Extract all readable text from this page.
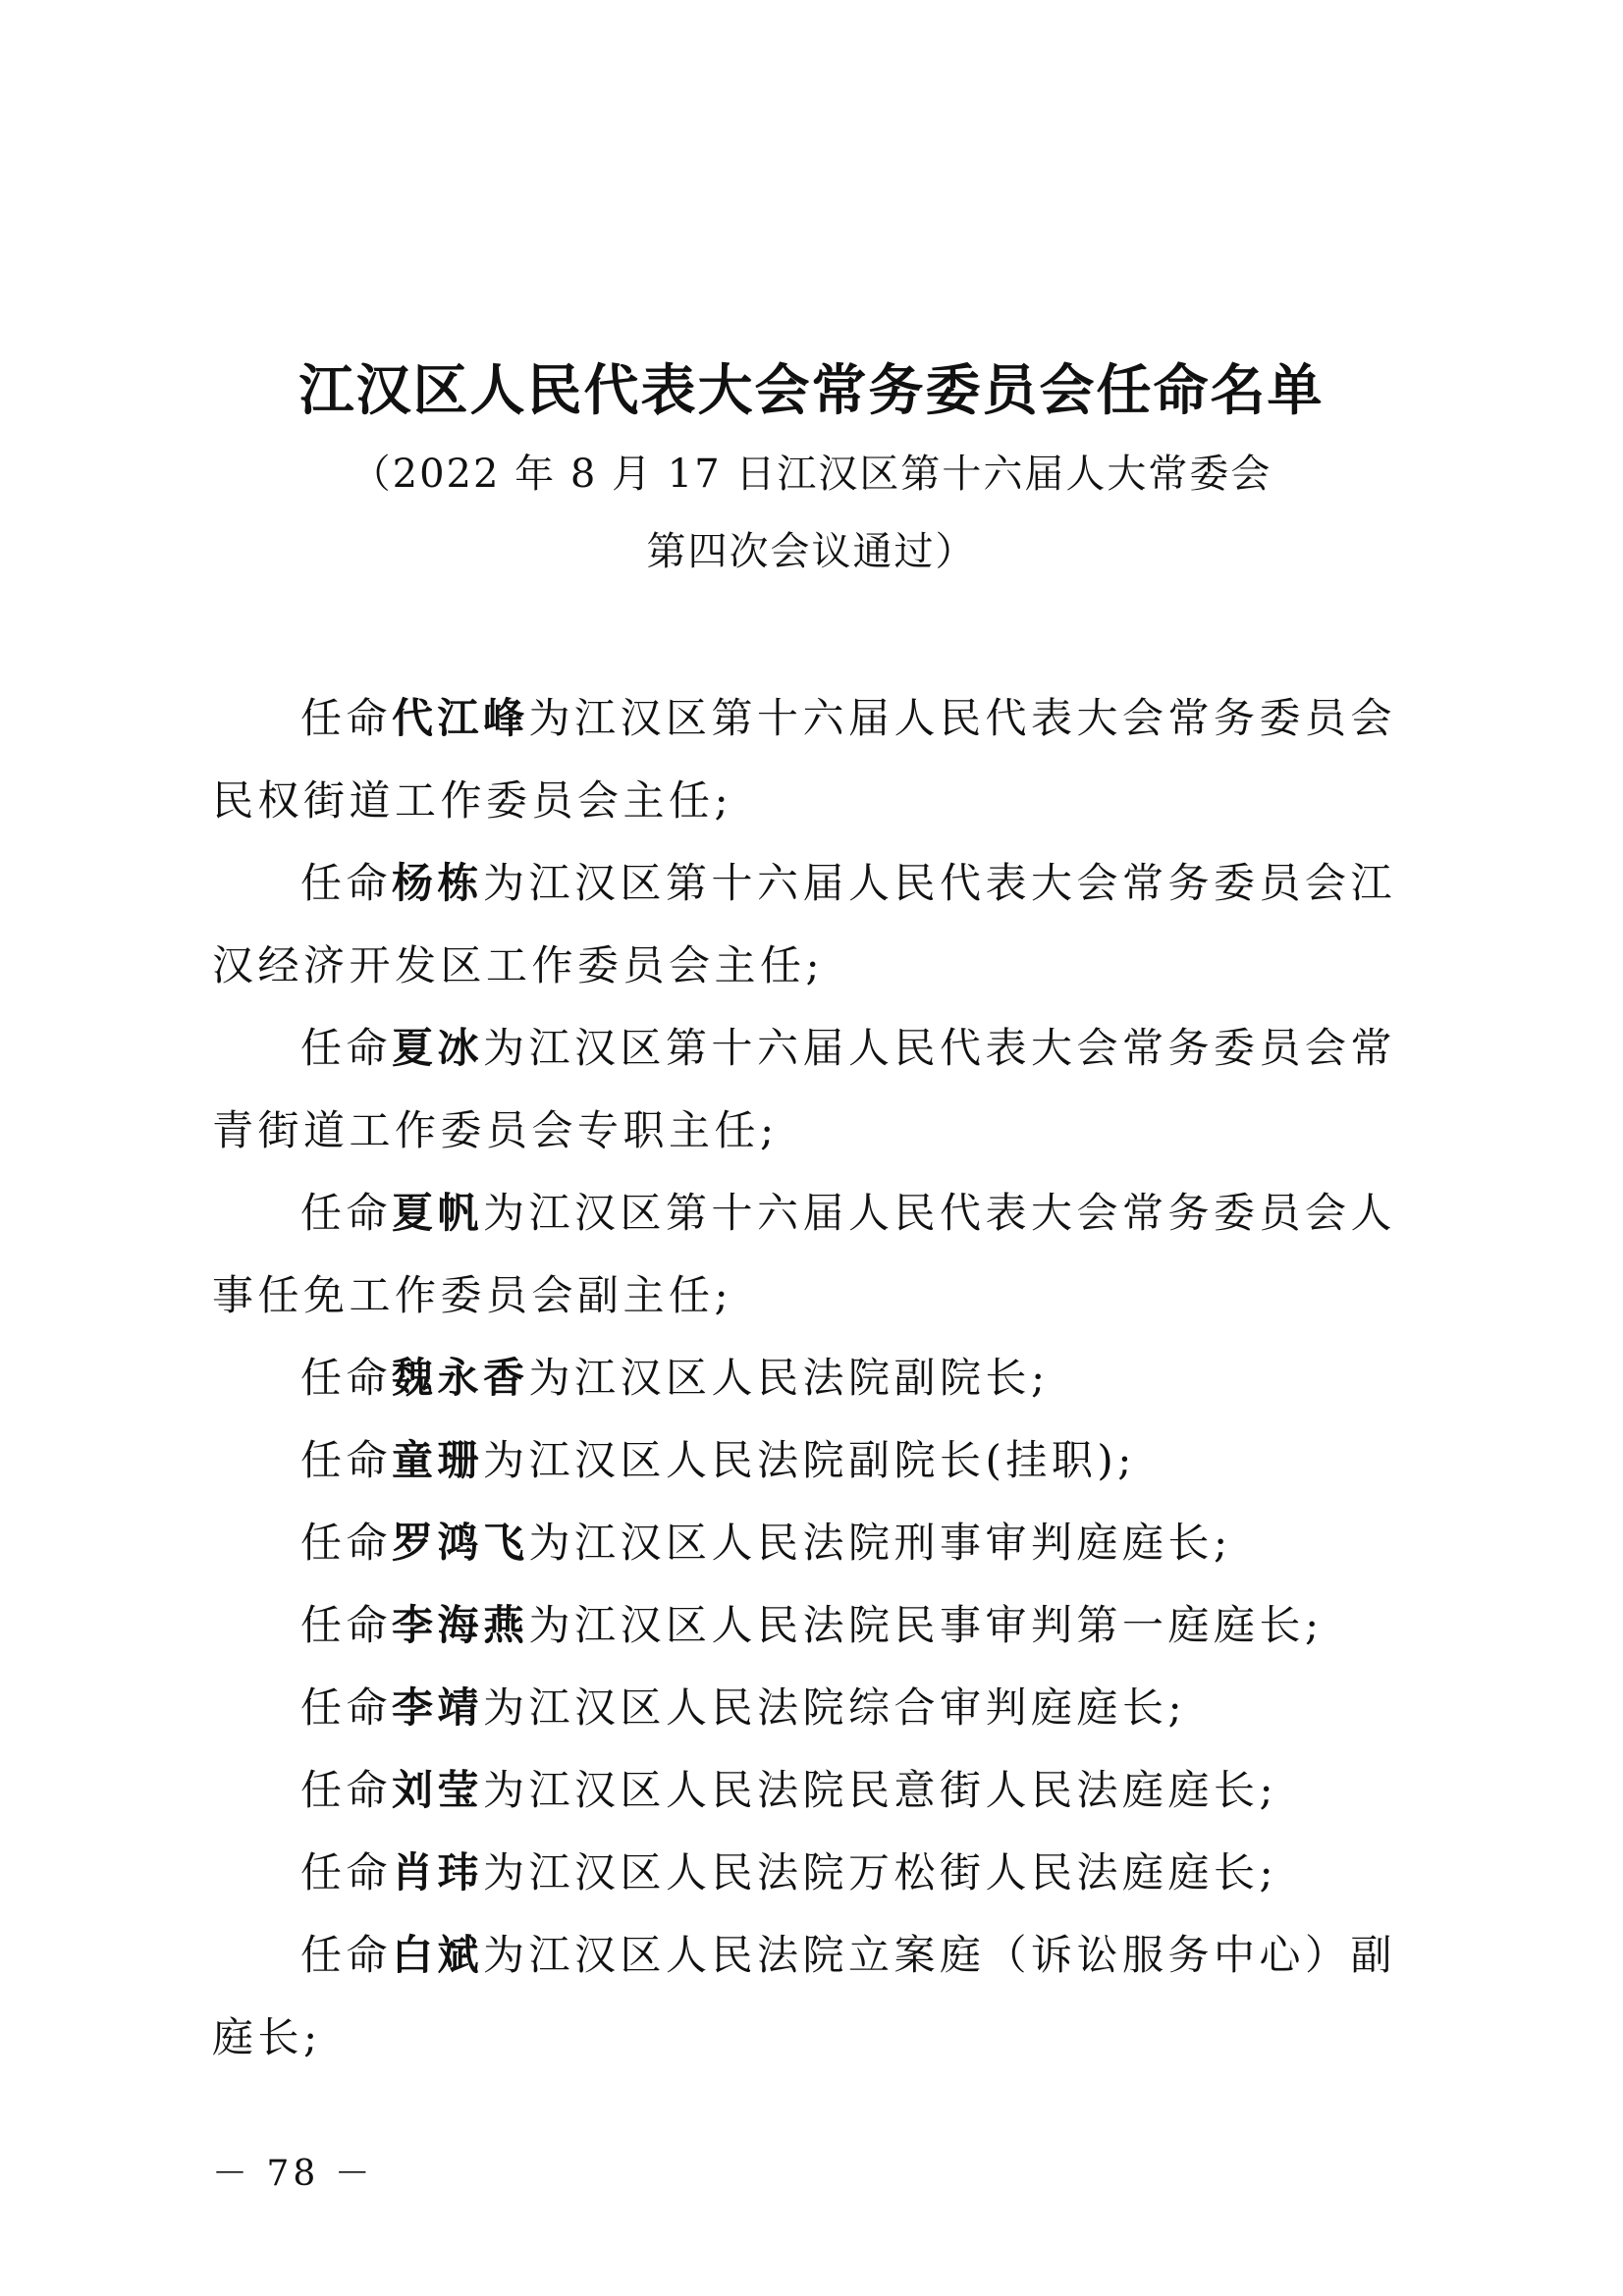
江汉区人民代表大会常务委员会任命名单

（2022 年 8 月 17 日江汉区第十六届人大常委会

第四次会议通过）

任命代江峰为江汉区第十六届人民代表大会常务委员会民权街道工作委员会主任;

任命杨栋为江汉区第十六届人民代表大会常务委员会江汉经济开发区工作委员会主任;

任命夏冰为江汉区第十六届人民代表大会常务委员会常青街道工作委员会专职主任;

任命夏帆为江汉区第十六届人民代表大会常务委员会人事任免工作委员会副主任;

任命魏永香为江汉区人民法院副院长;

任命童珊为江汉区人民法院副院长(挂职);

任命罗鸿飞为江汉区人民法院刑事审判庭庭长;

任命李海燕为江汉区人民法院民事审判第一庭庭长;

任命李靖为江汉区人民法院综合审判庭庭长;

任命刘莹为江汉区人民法院民意街人民法庭庭长;

任命肖玮为江汉区人民法院万松街人民法庭庭长;

任命白斌为江汉区人民法院立案庭（诉讼服务中心）副庭长;

－ 78 －
